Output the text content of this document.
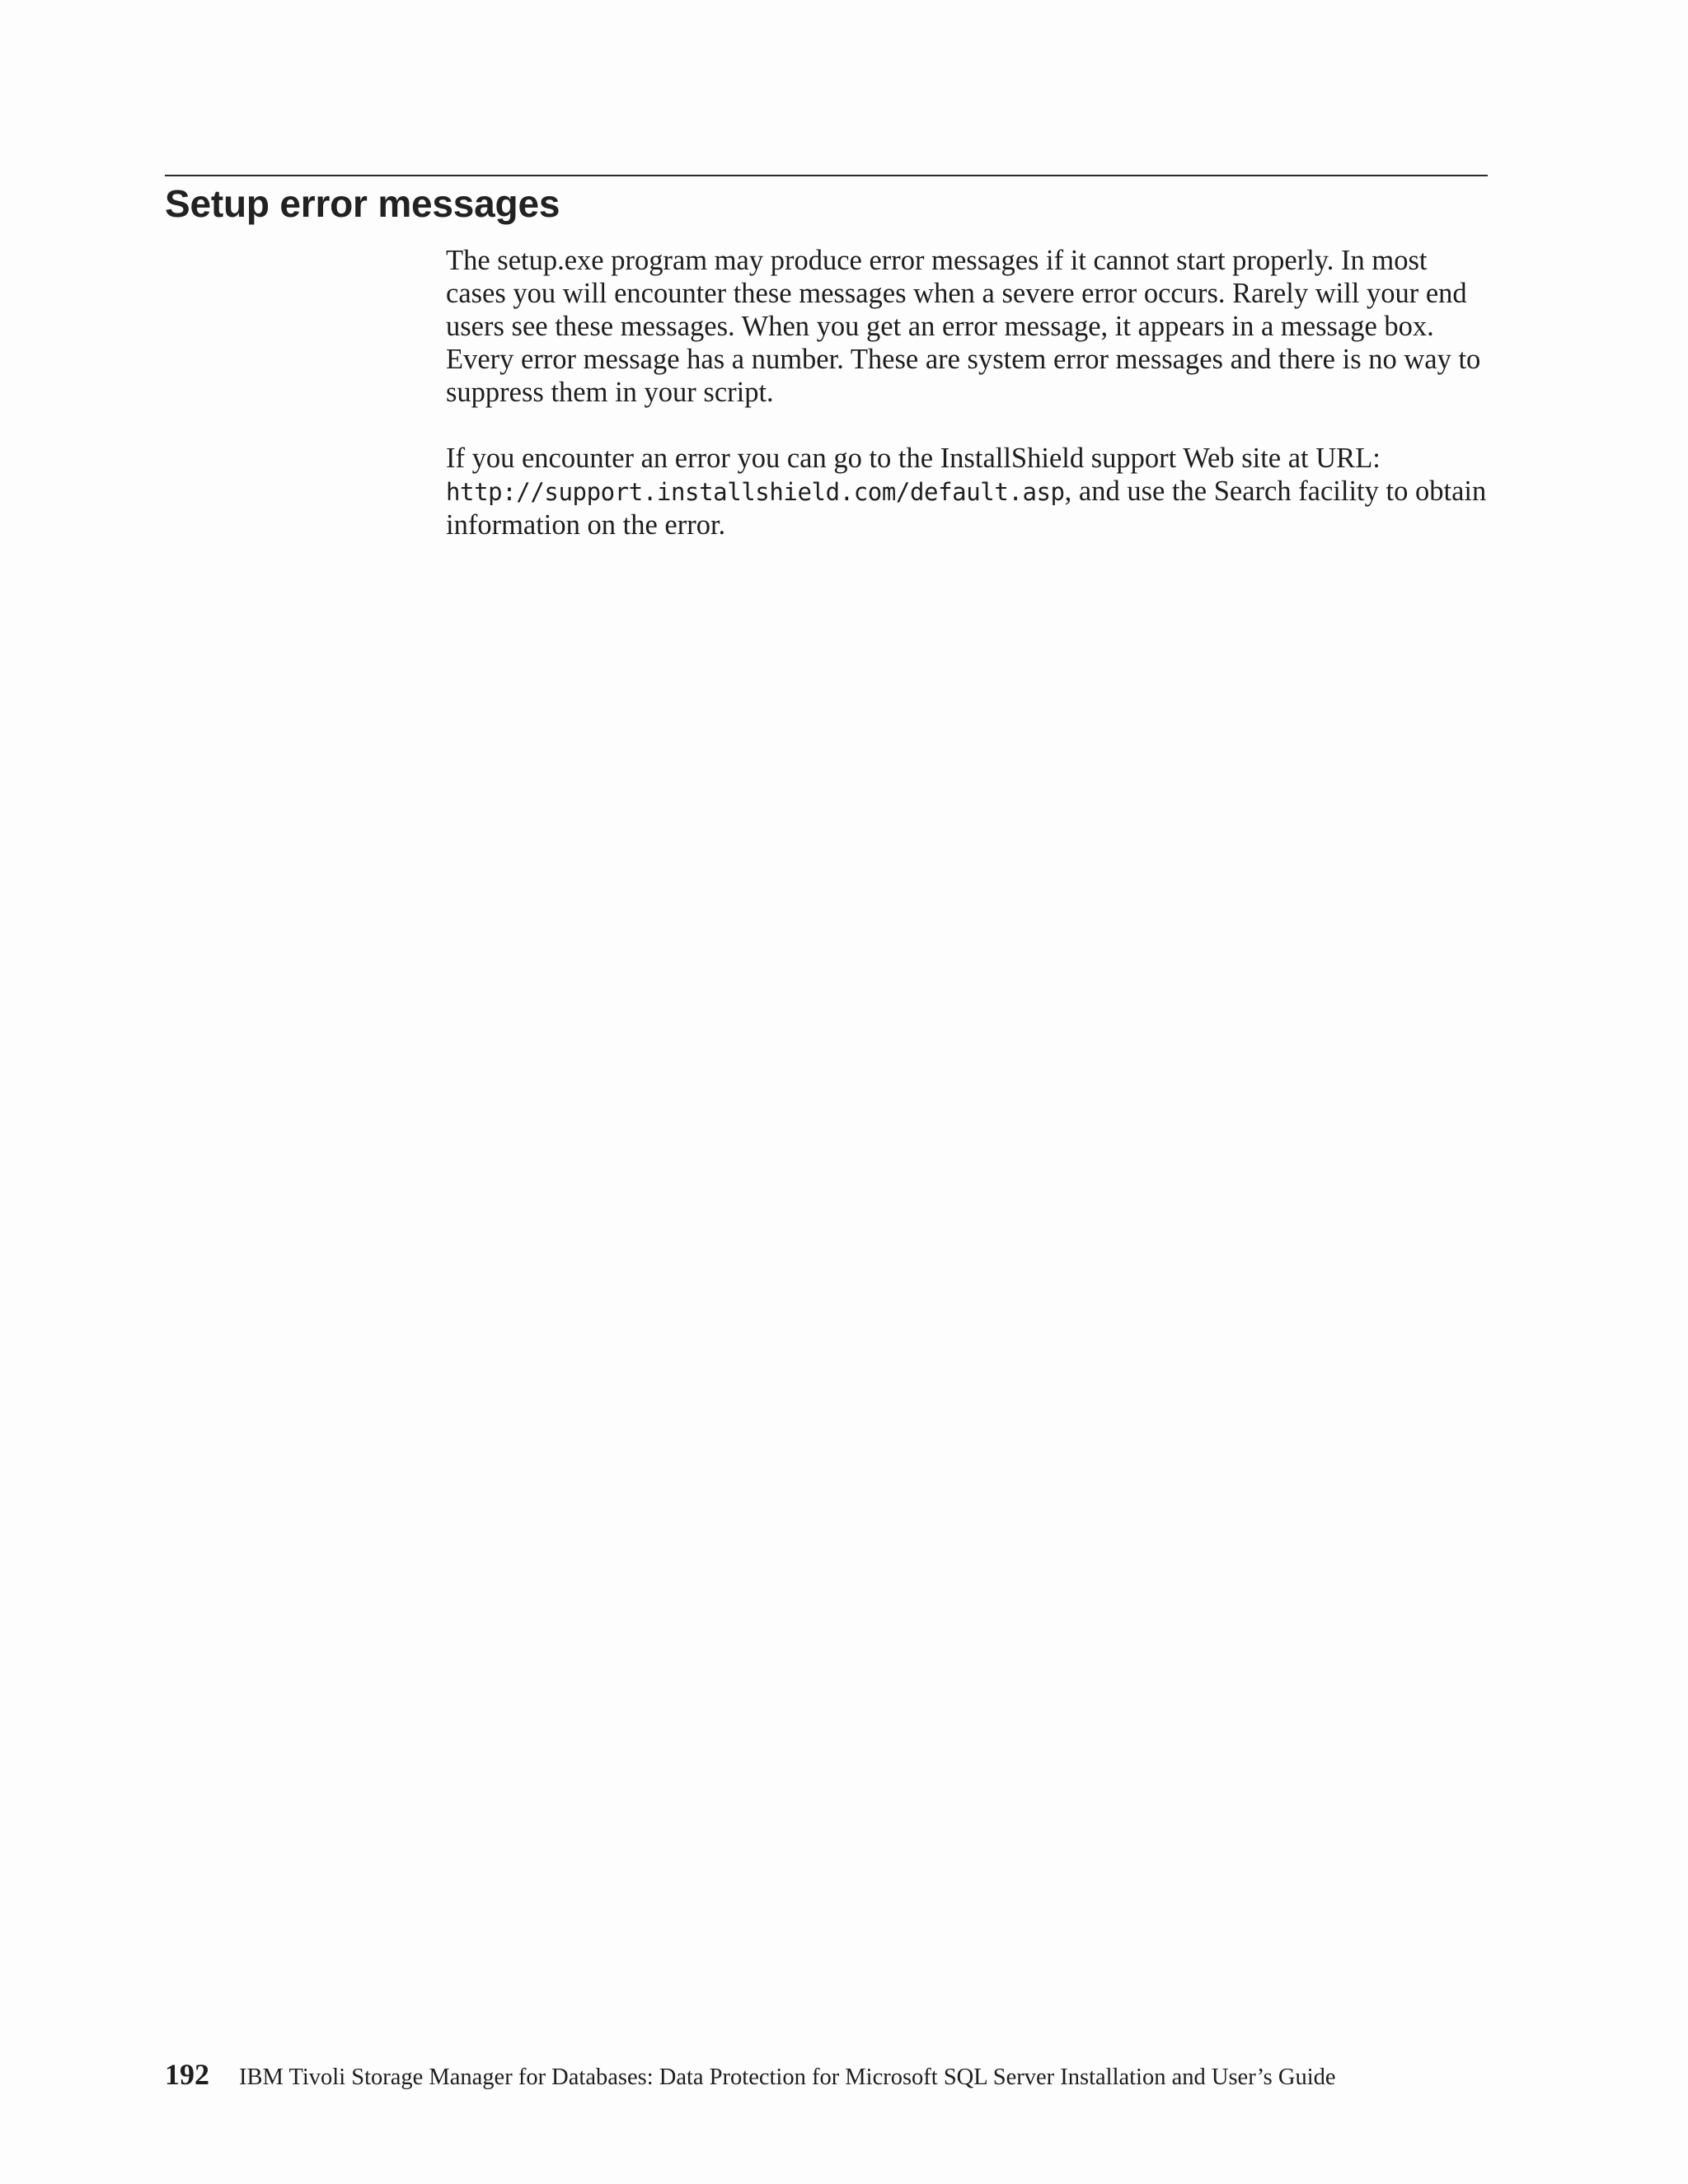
Setup error messages

The setup.exe program may produce error messages if it cannot start properly. In most cases you will encounter these messages when a severe error occurs. Rarely will your end users see these messages. When you get an error message, it appears in a message box. Every error message has a number. These are system error messages and there is no way to suppress them in your script.

If you encounter an error you can go to the InstallShield support Web site at URL: http://support.installshield.com/default.asp, and use the Search facility to obtain information on the error.

192 IBM Tivoli Storage Manager for Databases: Data Protection for Microsoft SQL Server Installation and User’s Guide
